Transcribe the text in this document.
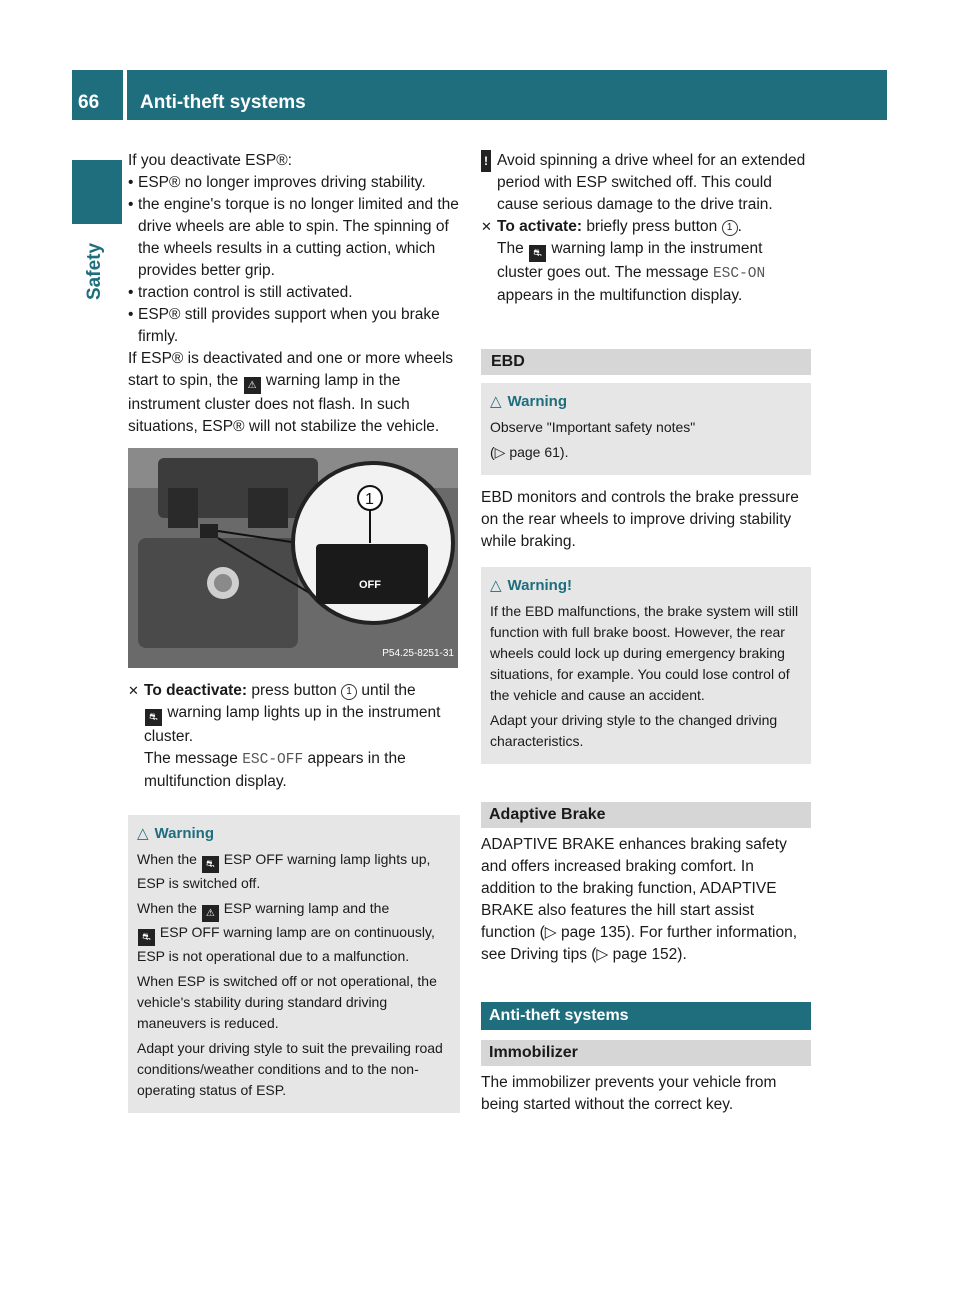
66 Anti-theft systems
Safety

If you deactivate ESP®:

• ESP® no longer improves driving stability.

• the engine's torque is no longer limited and the drive wheels are able to spin. The spinning of the wheels results in a cutting action, which provides better grip.

• traction control is still activated.

• ESP® still provides support when you brake firmly.

If ESP® is deactivated and one or more wheels start to spin, the ⚠ warning lamp in the instrument cluster does not flash. In such situations, ESP® will not stabilize the vehicle.

1
OFF
P54.25-8251-31

✕ To deactivate: press button 1 until the
⛐ warning lamp lights up in the instrument cluster.
The message ESC-OFF appears in the multifunction display.

△ Warning

When the ⛐ ESP OFF warning lamp lights up, ESP is switched off.

When the ⚠ ESP warning lamp and the
⛐ ESP OFF warning lamp are on continuously, ESP is not operational due to a malfunction.

When ESP is switched off or not operational, the vehicle's stability during standard driving maneuvers is reduced.

Adapt your driving style to suit the prevailing road conditions/weather conditions and to the non-operating status of ESP.

! Avoid spinning a drive wheel for an extended period with ESP switched off. This could cause serious damage to the drive train.

✕ To activate: briefly press button 1 .
The ⛐ warning lamp in the instrument cluster goes out. The message ESC-ON appears in the multifunction display.

EBD
△ Warning

Observe "Important safety notes"

(▷ page 61).

EBD monitors and controls the brake pressure on the rear wheels to improve driving stability while braking.

△ Warning!

If the EBD malfunctions, the brake system will still function with full brake boost. However, the rear wheels could lock up during emergency braking situations, for example. You could lose control of the vehicle and cause an accident.

Adapt your driving style to the changed driving characteristics.

Adaptive Brake

ADAPTIVE BRAKE enhances braking safety and offers increased braking comfort. In addition to the braking function, ADAPTIVE BRAKE also features the hill start assist function (▷ page 135). For further information, see Driving tips (▷ page 152).

Anti-theft systems
Immobilizer

The immobilizer prevents your vehicle from being started without the correct key.
